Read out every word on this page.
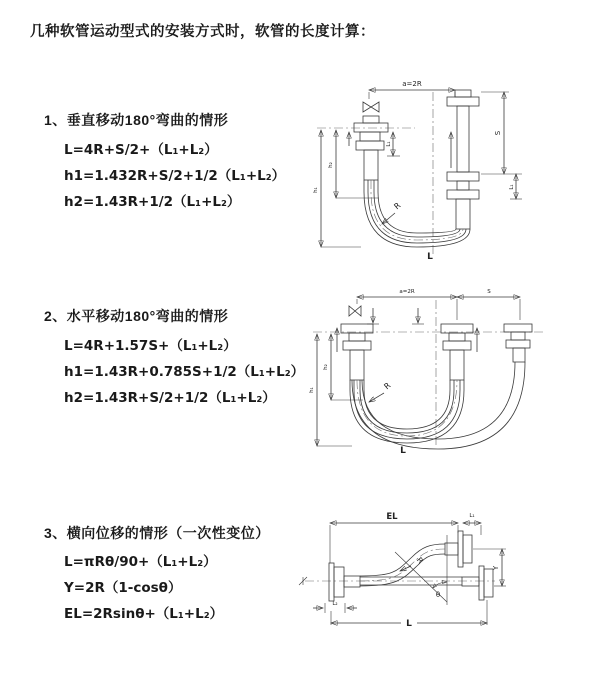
几种软管运动型式的安装方式时，软管的长度计算：
1、垂直移动180°弯曲的情形
L=4R+S/2+（L₁+L₂）
h1=1.432R+S/2+1/2（L₁+L₂）
h2=1.43R+1/2（L₁+L₂）
2、水平移动180°弯曲的情形
L=4R+1.57S+（L₁+L₂）
h1=1.43R+0.785S+1/2（L₁+L₂）
h2=1.43R+S/2+1/2（L₁+L₂）
3、横向位移的情形（一次性变位）
L=πRθ/90+（L₁+L₂）
Y=2R（1-cosθ）
EL=2Rsinθ+（L₁+L₂）
a=2R
h₁
h₂
L₁
S
L₁
R
L
a=2R	S
h₁
h₂
R
L
EL	L₁
Y
R
θ
L₂
L
